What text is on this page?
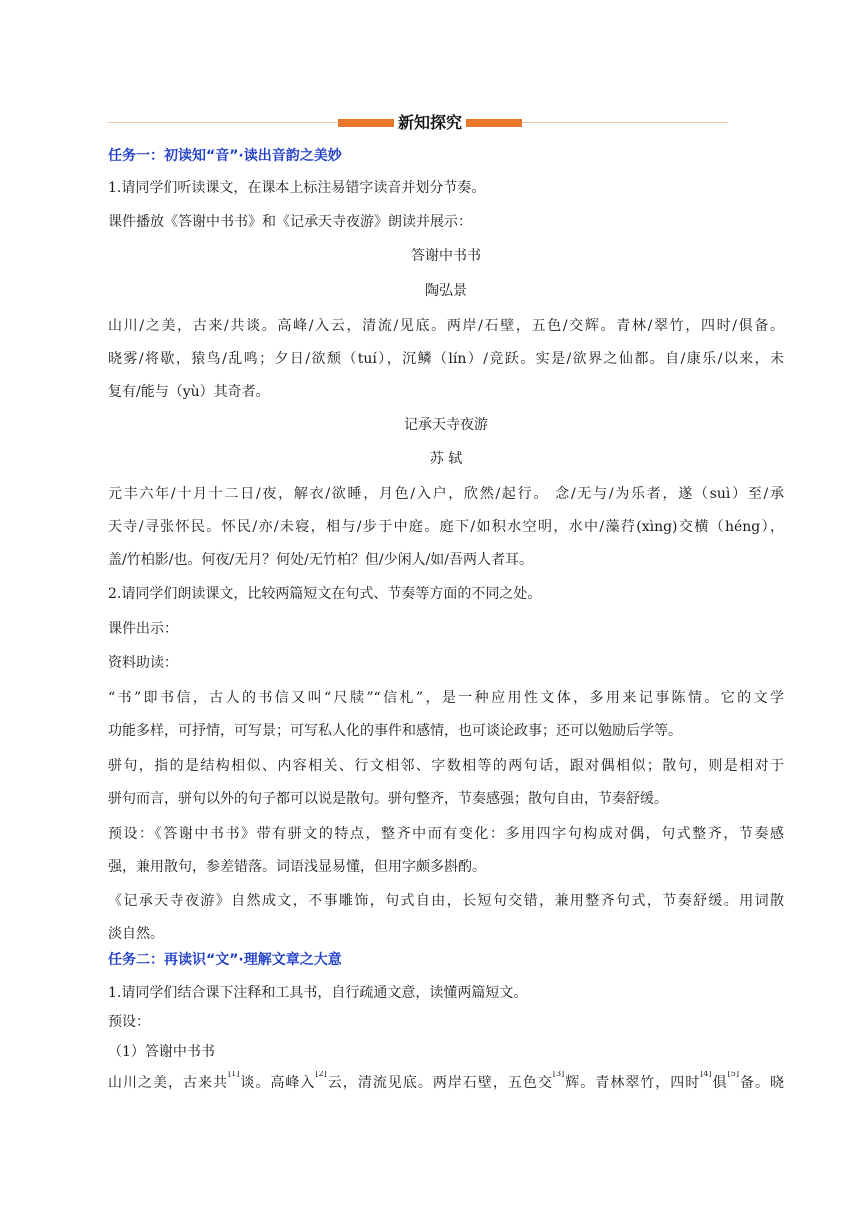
新知探究
任务一：初读知“音”·读出音韵之美妙
1.请同学们听读课文，在课本上标注易错字读音并划分节奏。
课件播放《答谢中书书》和《记承天寺夜游》朗读并展示：
答谢中书书
陶弘景
山川/之美，古来/共谈。高峰/入云，清流/见底。两岸/石壁，五色/交辉。青林/翠竹，四时/俱备。
晓雾/将歇，猿鸟/乱鸣；夕日/欲颓（tuí），沉鳞（lín）/竞跃。实是/欲界之仙都。自/康乐/以来，未
复有/能与（yù）其奇者。
记承天寺夜游
苏 轼
元丰六年/十月十二日/夜，解衣/欲睡，月色/入户，欣然/起行。 念/无与/为乐者，遂（suì）至/承
天寺/寻张怀民。怀民/亦/未寝，相与/步于中庭。庭下/如积水空明，水中/藻荇(xìng)交横（héng），
盖/竹柏影/也。何夜/无月？何处/无竹柏？但/少闲人/如/吾两人者耳。
2.请同学们朗读课文，比较两篇短文在句式、节奏等方面的不同之处。
课件出示：
资料助读：
“书”即书信，古人的书信又叫“尺牍”“信札”，是一种应用性文体，多用来记事陈情。它的文学
功能多样，可抒情，可写景；可写私人化的事件和感情，也可谈论政事；还可以勉励后学等。
骈句，指的是结构相似、内容相关、行文相邻、字数相等的两句话，跟对偶相似；散句，则是相对于
骈句而言，骈句以外的句子都可以说是散句。骈句整齐，节奏感强；散句自由，节奏舒缓。
预设：《答谢中书书》带有骈文的特点，整齐中而有变化：多用四字句构成对偶，句式整齐，节奏感
强，兼用散句，参差错落。词语浅显易懂，但用字颇多斟酌。
《记承天寺夜游》自然成文，不事雕饰，句式自由，长短句交错，兼用整齐句式，节奏舒缓。用词散
淡自然。
任务二：再读识“文”·理解文章之大意
1.请同学们结合课下注释和工具书，自行疏通文意，读懂两篇短文。
预设：
（1）答谢中书书
山川之美，古来共[1]谈。高峰入[2]云，清流见底。两岸石壁，五色交[3]辉。青林翠竹，四时[4]俱[5]备。晓
